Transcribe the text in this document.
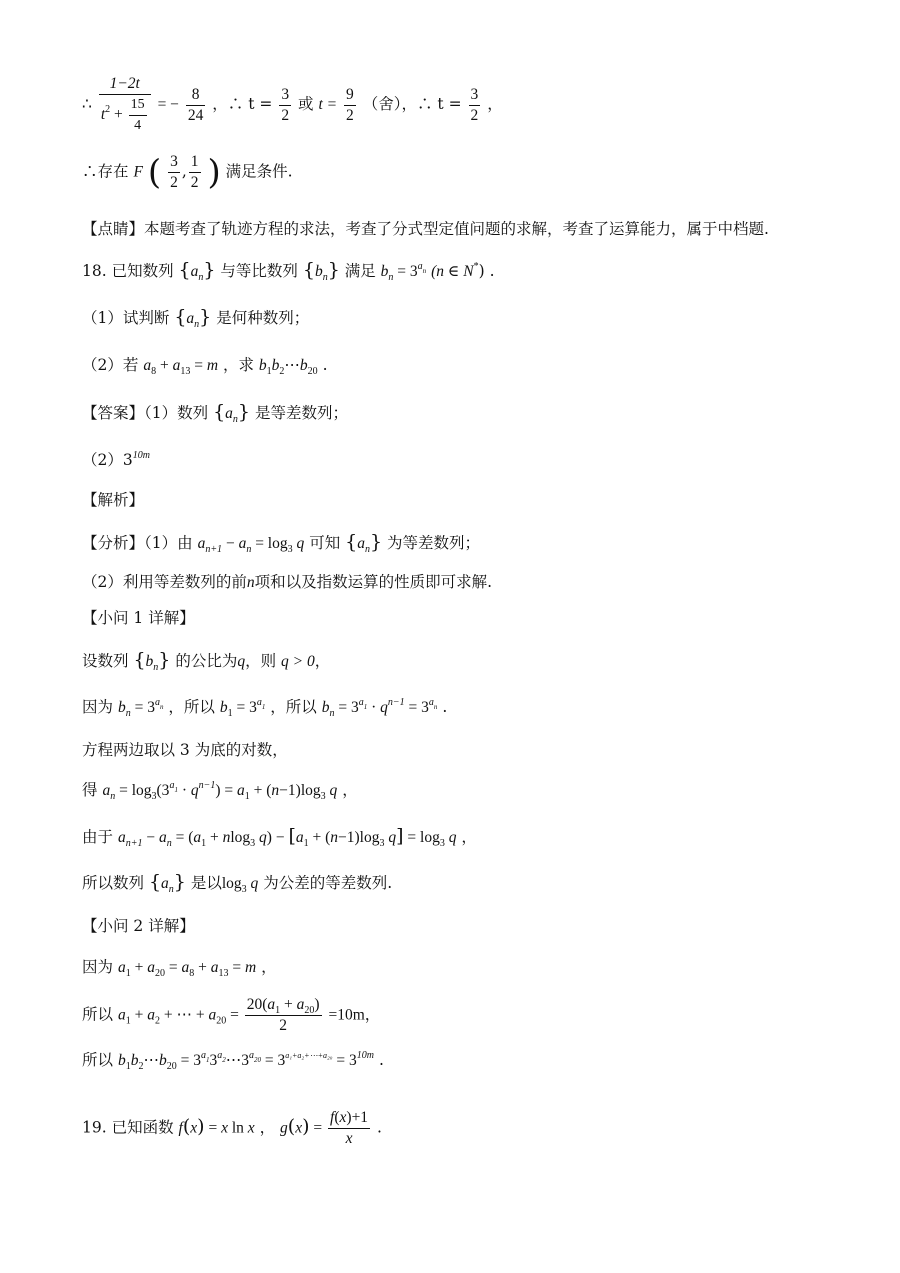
∴ $\frac{1-2t}{t^2 + \frac{15}{4}}$ = − $\frac{8}{24}$ ，∴ $t = \frac{3}{2}$ 或 $t = \frac{9}{2}$ （舍），∴ $t = \frac{3}{2}$ ，
∴存在 F ( $\frac{3}{2}$ , $\frac{1}{2}$ ) 满足条件.
【点睛】本题考查了轨迹方程的求法，考查了分式型定值问题的求解，考查了运算能力，属于中档题.
18. 已知数列 $\{a_n\}$ 与等比数列 $\{b_n\}$ 满足 $b_n = 3^{a_n}$ (n ∈ N*) .
（1）试判断 $\{a_n\}$ 是何种数列；
（2）若 $a_8 + a_{13} = m$ ，求 $b_1b_2\cdots b_{20}$ .
【答案】（1）数列 $\{a_n\}$ 是等差数列；
$(2)3^{10m}$
【解析】
【分析】（1）由 $a_{n+1} - a_n = \log_3 q$ 可知 $\{a_n\}$ 为等差数列；
（2）利用等差数列的前n项和以及指数运算的性质即可求解.
【小问 1 详解】
设数列 $\{b_n\}$ 的公比为q，则 q > 0，
因为 $b_n = 3^{a_n}$ ，所以 $b_1 = 3^{a_1}$ ，所以 $b_n = 3^{a_1} \cdot q^{n-1} = 3^{a_n}$ .
方程两边取以 3 为底的对数，
得 $a_n = \log_3(3^{a_1} \cdot q^{n-1}) = a_1 + (n-1)\log_3$ q ，
由于 $a_{n+1} - a_n = (a_1 + nlog_3$ $q) - [a_1 + (n-1)\log_3$ $q] = \log_3 q$ ，
所以数列 $\{a_n\}$ 是以$\log_3 q$ 为公差的等差数列.
【小问 2 详解】
因为 $a_1 + a_{20} = a_8 + a_{13} = m$ ，
所以 $a_1 + a_2$ + ⋯ + $a_{20} = \frac{20(a_1 + a_{20})}{2} =10m$，
所以 $b_1b_2\cdots b_{20}$ = $3^{a_1}3^{a_2}\cdots 3^{a_{20}} = 3^{a_1+a_2+\cdots+a_{20}} = 3^{10m}$ .
19. 已知函数 f(x) = x ln x ， $g(x) = \frac{f(x)+1}{x}$ .
